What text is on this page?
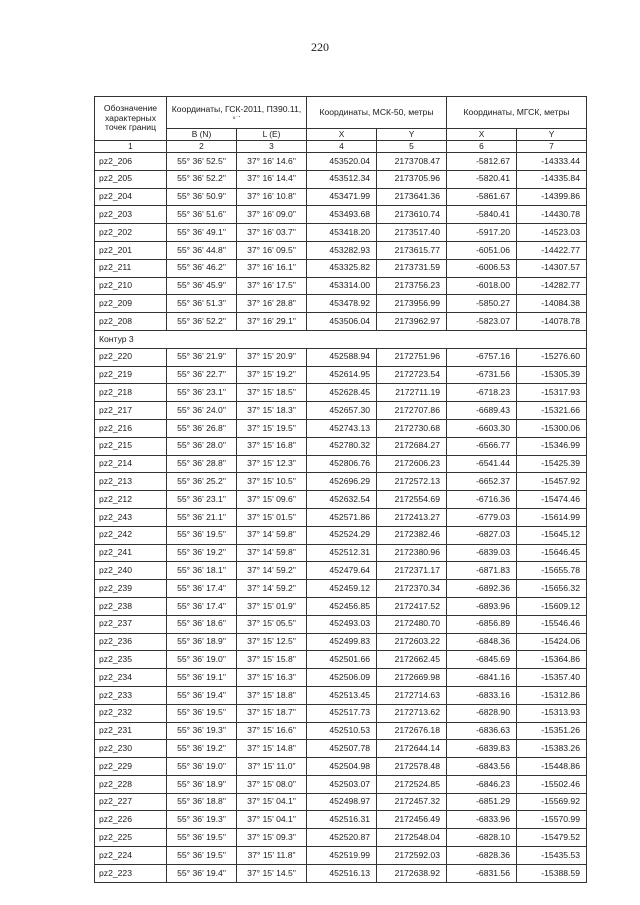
220
Обозначение характерных точек границ	Координаты, ГСК-2011, ПЗ90.11,
о ‘ “		Координаты, МСК-50, метры		Координаты, МГСК, метры	
	B (N)	L (E)	X	Y	X	Y
1	2	3	4	5	6	7
pz2_206	55° 36' 52.5"	37° 16' 14.6"	453520.04	2173708.47	-5812.67	-14333.44
pz2_205	55° 36' 52.2"	37° 16' 14.4"	453512.34	2173705.96	-5820.41	-14335.84
pz2_204	55° 36' 50.9"	37° 16' 10.8"	453471.99	2173641.36	-5861.67	-14399.86
pz2_203	55° 36' 51.6"	37° 16' 09.0"	453493.68	2173610.74	-5840.41	-14430.78
pz2_202	55° 36' 49.1"	37° 16' 03.7"	453418.20	2173517.40	-5917.20	-14523.03
pz2_201	55° 36' 44.8"	37° 16' 09.5"	453282.93	2173615.77	-6051.06	-14422.77
pz2_211	55° 36' 46.2"	37° 16' 16.1"	453325.82	2173731.59	-6006.53	-14307.57
pz2_210	55° 36' 45.9"	37° 16' 17.5"	453314.00	2173756.23	-6018.00	-14282.77
pz2_209	55° 36' 51.3"	37° 16' 28.8"	453478.92	2173956.99	-5850.27	-14084.38
pz2_208	55° 36' 52.2"	37° 16' 29.1"	453506.04	2173962.97	-5823.07	-14078.78
Контур 3						
pz2_220	55° 36' 21.9"	37° 15' 20.9"	452588.94	2172751.96	-6757.16	-15276.60
pz2_219	55° 36' 22.7"	37° 15' 19.2"	452614.95	2172723.54	-6731.56	-15305.39
pz2_218	55° 36' 23.1"	37° 15' 18.5"	452628.45	2172711.19	-6718.23	-15317.93
pz2_217	55° 36' 24.0"	37° 15' 18.3"	452657.30	2172707.86	-6689.43	-15321.66
pz2_216	55° 36' 26.8"	37° 15' 19.5"	452743.13	2172730.68	-6603.30	-15300.06
pz2_215	55° 36' 28.0"	37° 15' 16.8"	452780.32	2172684.27	-6566.77	-15346.99
pz2_214	55° 36' 28.8"	37° 15' 12.3"	452806.76	2172606.23	-6541.44	-15425.39
pz2_213	55° 36' 25.2"	37° 15' 10.5"	452696.29	2172572.13	-6652.37	-15457.92
pz2_212	55° 36' 23.1"	37° 15' 09.6"	452632.54	2172554.69	-6716.36	-15474.46
pz2_243	55° 36' 21.1"	37° 15' 01.5"	452571.86	2172413.27	-6779.03	-15614.99
pz2_242	55° 36' 19.5"	37° 14' 59.8"	452524.29	2172382.46	-6827.03	-15645.12
pz2_241	55° 36' 19.2"	37° 14' 59.8"	452512.31	2172380.96	-6839.03	-15646.45
pz2_240	55° 36' 18.1"	37° 14' 59.2"	452479.64	2172371.17	-6871.83	-15655.78
pz2_239	55° 36' 17.4"	37° 14' 59.2"	452459.12	2172370.34	-6892.36	-15656.32
pz2_238	55° 36' 17.4"	37° 15' 01.9"	452456.85	2172417.52	-6893.96	-15609.12
pz2_237	55° 36' 18.6"	37° 15' 05.5"	452493.03	2172480.70	-6856.89	-15546.46
pz2_236	55° 36' 18.9"	37° 15' 12.5"	452499.83	2172603.22	-6848.36	-15424.06
pz2_235	55° 36' 19.0"	37° 15' 15.8"	452501.66	2172662.45	-6845.69	-15364.86
pz2_234	55° 36' 19.1"	37° 15' 16.3"	452506.09	2172669.98	-6841.16	-15357.40
pz2_233	55° 36' 19.4"	37° 15' 18.8"	452513.45	2172714.63	-6833.16	-15312.86
pz2_232	55° 36' 19.5"	37° 15' 18.7"	452517.73	2172713.62	-6828.90	-15313.93
pz2_231	55° 36' 19.3"	37° 15' 16.6"	452510.53	2172676.18	-6836.63	-15351.26
pz2_230	55° 36' 19.2"	37° 15' 14.8"	452507.78	2172644.14	-6839.83	-15383.26
pz2_229	55° 36' 19.0"	37° 15' 11.0"	452504.98	2172578.48	-6843.56	-15448.86
pz2_228	55° 36' 18.9"	37° 15' 08.0"	452503.07	2172524.85	-6846.23	-15502.46
pz2_227	55° 36' 18.8"	37° 15' 04.1"	452498.97	2172457.32	-6851.29	-15569.92
pz2_226	55° 36' 19.3"	37° 15' 04.1"	452516.31	2172456.49	-6833.96	-15570.99
pz2_225	55° 36' 19.5"	37° 15' 09.3"	452520.87	2172548.04	-6828.10	-15479.52
pz2_224	55° 36' 19.5"	37° 15' 11.8"	452519.99	2172592.03	-6828.36	-15435.53
pz2_223	55° 36' 19.4"	37° 15' 14.5"	452516.13	2172638.92	-6831.56	-15388.59
